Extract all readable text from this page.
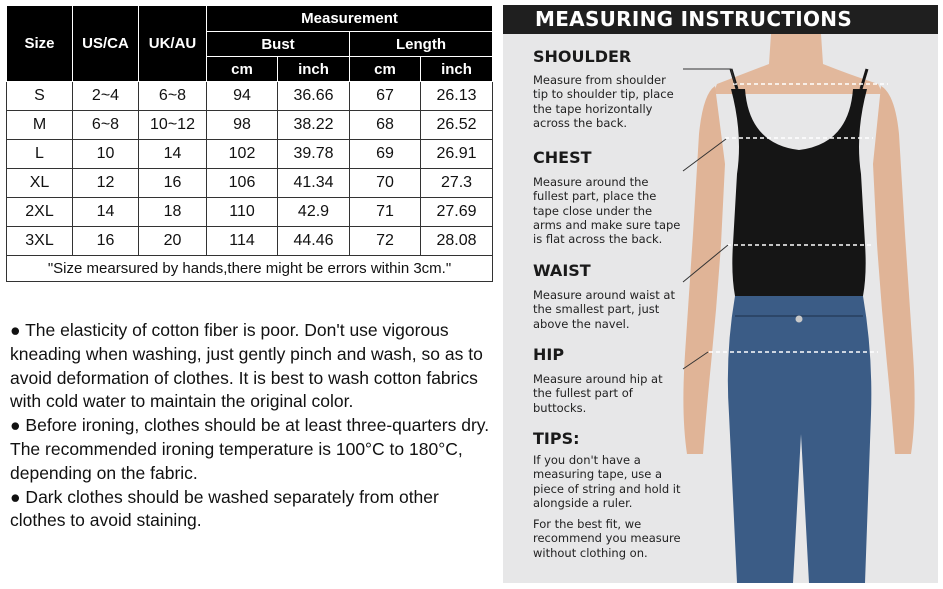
Size	US/CA	UK/AU	Measurement			
			Bust		Length	
			cm	inch	cm	inch
S	2~4	6~8	94	36.66	67	26.13
M	6~8	10~12	98	38.22	68	26.52
L	10	14	102	39.78	69	26.91
XL	12	16	106	41.34	70	27.3
2XL	14	18	110	42.9	71	27.69
3XL	16	20	114	44.46	72	28.08
"Size mearsured by hands,there might be errors within 3cm."						

● The elasticity of cotton fiber is poor. Don't use vigorous kneading when washing, just gently pinch and wash, so as to avoid deformation of clothes. It is best to wash cotton fabrics with cold water to maintain the original color.

● Before ironing, clothes should be at least three-quarters dry. The recommended ironing temperature is 100°C to 180°C, depending on the fabric.

● Dark clothes should be washed separately from other clothes to avoid staining.

MEASURING INSTRUCTIONS
SHOULDER
Measure from shoulder tip to shoulder tip, place the tape horizontally across the back.
CHEST
Measure around the fullest part, place the tape close under the arms and make sure tape is flat across the back.
WAIST
Measure around waist at the smallest part, just above the navel.
HIP
Measure around hip at the fullest part of buttocks.
TIPS:
If you don't have a measuring tape, use a piece of string and hold it alongside a ruler.
For the best fit, we recommend you measure without clothing on.
